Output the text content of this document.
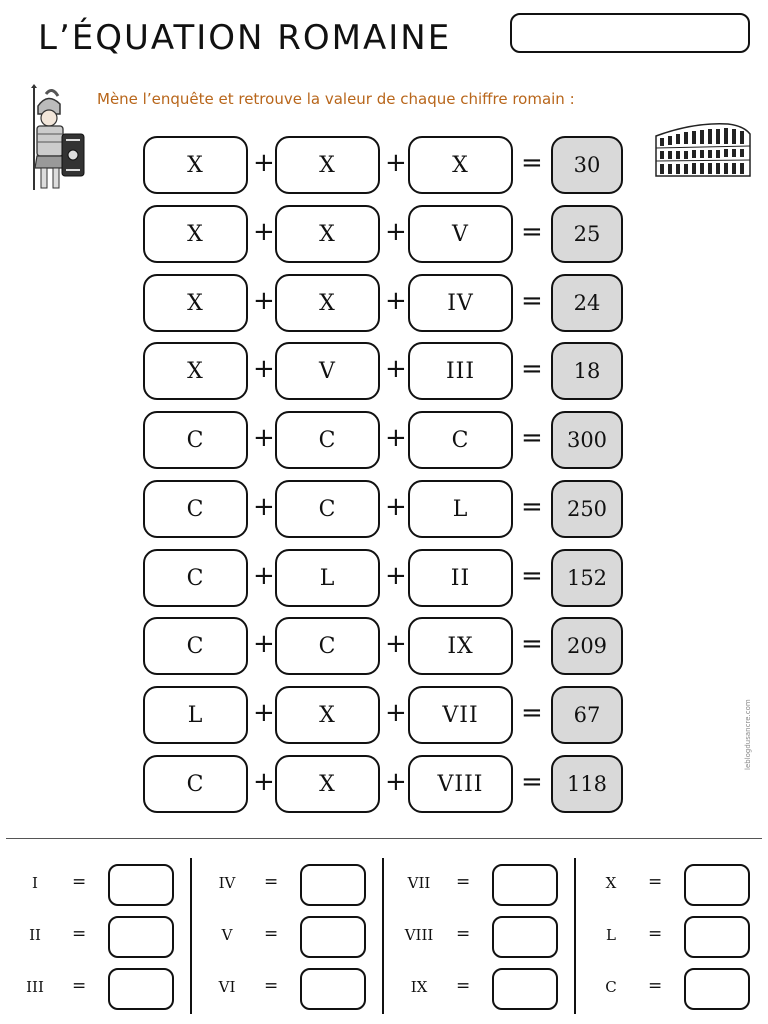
L’ÉQUATION ROMAINE
Mène l’enquête et retrouve la valeur de chaque chiffre romain :
X	+	X	+	X	=	30
X	+	X	+	V	=	25
X	+	X	+	IV	=	24
X	+	V	+	III	=	18
C	+	C	+	C	=	300
C	+	C	+	L	=	250
C	+	L	+	II	=	152
C	+	C	+	IX	=	209
L	+	X	+	VII	=	67
C	+	X	+	VIII	=	118
leblogdusancre.com
I	=
II	=
III	=
IV	=
V	=
VI	=
VII	=
VIII	=
IX	=
X	=
L	=
C	=
